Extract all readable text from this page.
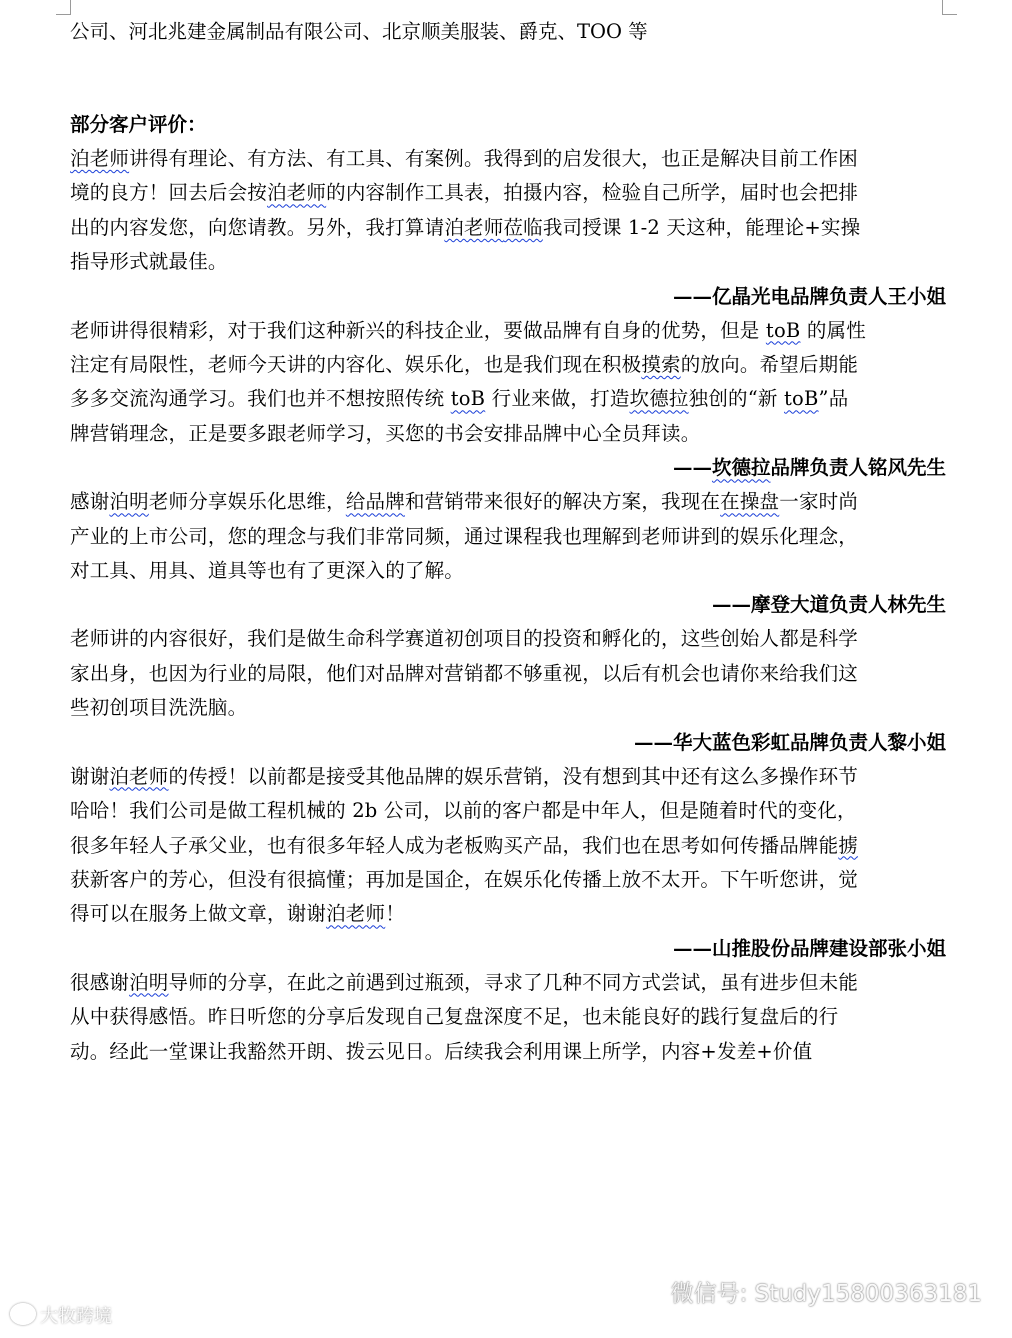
公司、河北兆建金属制品有限公司、北京顺美服装、爵克、TOO 等

部分客户评价：

泊老师讲得有理论、有方法、有工具、有案例。我得到的启发很大，也正是解决目前工作困

境的良方！回去后会按泊老师的内容制作工具表，拍摄内容，检验自己所学，届时也会把排

出的内容发您，向您请教。另外，我打算请泊老师莅临我司授课 1-2 天这种，能理论+实操

指导形式就最佳。

——亿晶光电品牌负责人王小姐

老师讲得很精彩，对于我们这种新兴的科技企业，要做品牌有自身的优势，但是 toB 的属性

注定有局限性，老师今天讲的内容化、娱乐化，也是我们现在积极摸索的放向。希望后期能

多多交流沟通学习。我们也并不想按照传统 toB 行业来做，打造坎德拉独创的“新 toB”品

牌营销理念，正是要多跟老师学习，买您的书会安排品牌中心全员拜读。

——坎德拉品牌负责人铭风先生

感谢泊明老师分享娱乐化思维，给品牌和营销带来很好的解决方案，我现在在操盘一家时尚

产业的上市公司，您的理念与我们非常同频，通过课程我也理解到老师讲到的娱乐化理念，

对工具、用具、道具等也有了更深入的了解。

——摩登大道负责人林先生

老师讲的内容很好，我们是做生命科学赛道初创项目的投资和孵化的，这些创始人都是科学

家出身，也因为行业的局限，他们对品牌对营销都不够重视，以后有机会也请你来给我们这

些初创项目洗洗脑。

——华大蓝色彩虹品牌负责人黎小姐

谢谢泊老师的传授！以前都是接受其他品牌的娱乐营销，没有想到其中还有这么多操作环节

哈哈！我们公司是做工程机械的 2b 公司，以前的客户都是中年人，但是随着时代的变化，

很多年轻人子承父业，也有很多年轻人成为老板购买产品，我们也在思考如何传播品牌能掳

获新客户的芳心，但没有很搞懂；再加是国企，在娱乐化传播上放不太开。下午听您讲，觉

得可以在服务上做文章，谢谢泊老师！

——山推股份品牌建设部张小姐

很感谢泊明导师的分享，在此之前遇到过瓶颈，寻求了几种不同方式尝试，虽有进步但未能

从中获得感悟。昨日听您的分享后发现自己复盘深度不足，也未能良好的践行复盘后的行

动。经此一堂课让我豁然开朗、拨云见日。后续我会利用课上所学，内容+发差+价值

微信号: Study15800363181
大牧跨境
